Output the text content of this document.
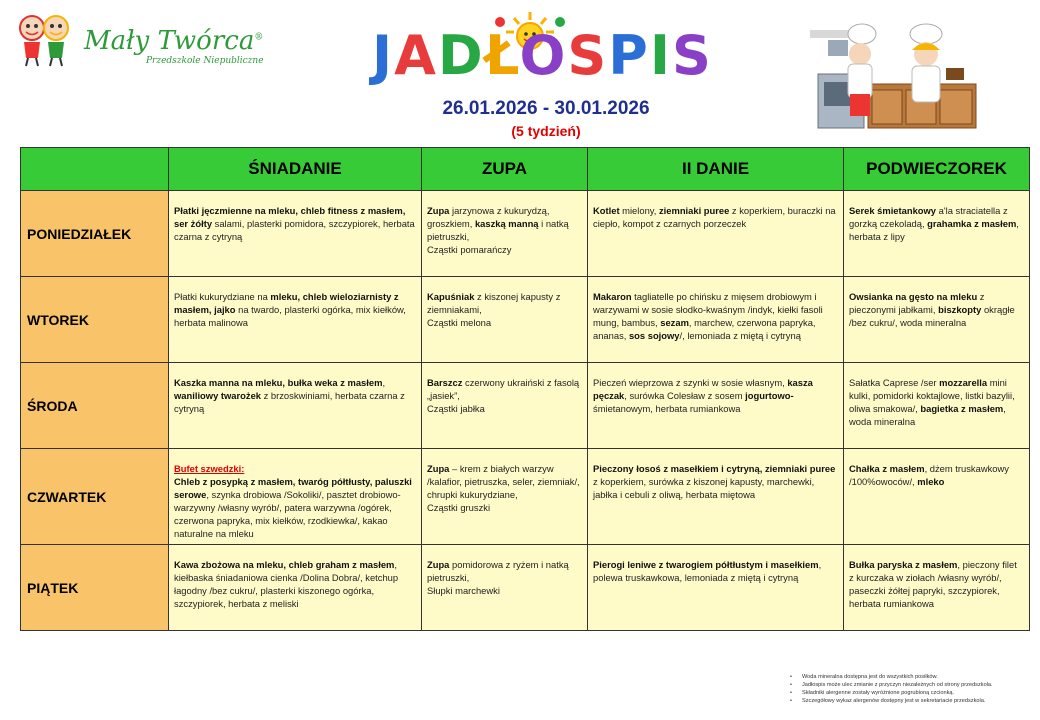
Mały Twórca®
Przedszkole Niepubliczne JADŁOSPIS
26.01.2026 - 30.01.2026
(5 tydzień)
	ŚNIADANIE	ZUPA	II DANIE	PODWIECZOREK
PONIEDZIAŁEK	Płatki jęczmienne na mleku, chleb fitness z masłem, ser żółty salami, plasterki pomidora, szczypiorek, herbata czarna z cytryną	Zupa jarzynowa z kukurydzą, groszkiem, kaszką manną i natką pietruszki,
Cząstki pomarańczy	Kotlet mielony, ziemniaki puree z koperkiem, buraczki na ciepło, kompot z czarnych porzeczek	Serek śmietankowy a'la straciatella z gorzką czekoladą, grahamka z masłem, herbata z lipy
WTOREK	Płatki kukurydziane na mleku, chleb wieloziarnisty z masłem, jajko na twardo, plasterki ogórka, mix kiełków, herbata malinowa	Kapuśniak z kiszonej kapusty z ziemniakami,
Cząstki melona	Makaron tagliatelle po chińsku z mięsem drobiowym i warzywami w sosie słodko-kwaśnym /indyk, kiełki fasoli mung, bambus, sezam, marchew, czerwona papryka, ananas, sos sojowy/, lemoniada z miętą i cytryną	Owsianka na gęsto na mleku z pieczonymi jabłkami, biszkopty okrągłe /bez cukru/, woda mineralna
ŚRODA	Kaszka manna na mleku, bułka weka z masłem, waniliowy twarożek z brzoskwiniami, herbata czarna z cytryną	Barszcz czerwony ukraiński z fasolą „jasiek”,
Cząstki jabłka	Pieczeń wieprzowa z szynki w sosie własnym, kasza pęczak, surówka Colesław z sosem jogurtowo-śmietanowym, herbata rumiankowa	Sałatka Caprese /ser mozzarella mini kulki, pomidorki koktajlowe, listki bazylii, oliwa smakowa/, bagietka z masłem, woda mineralna
CZWARTEK	Bufet szwedzki:
Chleb z posypką z masłem, twaróg półtłusty, paluszki serowe, szynka drobiowa /Sokoliki/, pasztet drobiowo-warzywny /własny wyrób/, patera warzywna /ogórek, czerwona papryka, mix kiełków, rzodkiewka/, kakao naturalne na mleku	Zupa – krem z białych warzyw /kalafior, pietruszka, seler, ziemniak/, chrupki kukurydziane,
Cząstki gruszki	Pieczony łosoś z masełkiem i cytryną, ziemniaki puree z koperkiem, surówka z kiszonej kapusty, marchewki, jabłka i cebuli z oliwą, herbata miętowa	Chałka z masłem, dżem truskawkowy /100%owoców/, mleko
PIĄTEK	Kawa zbożowa na mleku, chleb graham z masłem, kiełbaska śniadaniowa cienka /Dolina Dobra/, ketchup łagodny /bez cukru/, plasterki kiszonego ogórka, szczypiorek, herbata z meliski	Zupa pomidorowa z ryżem i natką pietruszki,
Słupki marchewki	Pierogi leniwe z twarogiem półtłustym i masełkiem, polewa truskawkowa, lemoniada z miętą i cytryną	Bułka paryska z masłem, pieczony filet z kurczaka w ziołach /własny wyrób/, paseczki żółtej papryki, szczypiorek, herbata rumiankowa
• Woda mineralna dostępna jest do wszystkich posiłków.
• Jadłospis może ulec zmianie z przyczyn niezależnych od strony przedszkola.
• Składniki alergenne zostały wyróżnione pogrubioną czcionką.
• Szczegółowy wykaz alergenów dostępny jest w sekretariacie przedszkola.
